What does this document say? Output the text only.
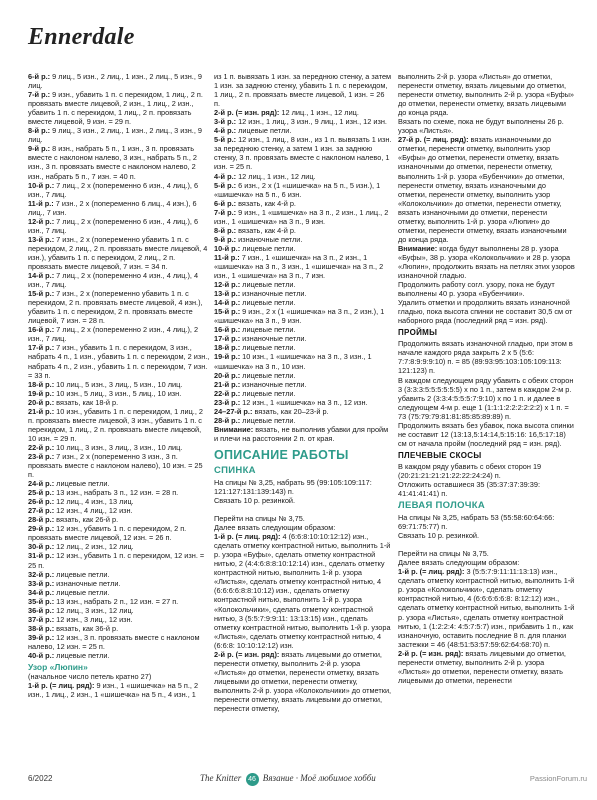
Ennerdale
6-й р.: 9 лиц., 5 изн., 2 лиц., 1 изн., 2 лиц., 5 изн., 9 лиц.
7-й р.: 9 изн., убавить 1 п. с перекидом, 1 лиц., 2 п. провязать вместе лицевой, 2 изн., 1 лиц., 2 изн., убавить 1 п. с перекидом, 1 лиц., 2 п. провязать вместе лицевой, 9 изн. = 29 п.
8-й р.: 9 лиц., 3 изн., 2 лиц., 1 изн., 2 лиц., 3 изн., 9 лиц.
9-й р.: 8 изн., набрать 5 п., 1 изн., 3 п. провязать вместе с наклоном налево, 3 изн., набрать 5 п., 2 изн., 3 п. провязать вместе с наклоном налево, 2 изн., набрать 5 п., 7 изн. = 40 п.
10-й р.: 7 лиц., 2 х (попеременно 6 изн., 4 лиц.), 6 изн., 7 лиц.
11-й р.: 7 изн., 2 х (попеременно 6 лиц., 4 изн.), 6 лиц., 7 изн.
12-й р.: 7 лиц., 2 х (попеременно 6 изн., 4 лиц.), 6 изн., 7 лиц.
13-й р.: 7 изн., 2 х (попеременно убавить 1 п. с перекидом, 2 лиц., 2 п. провязать вместе лицевой, 4 изн.), убавить 1 п. с перекидом, 2 лиц., 2 п. провязать вместе лицевой, 7 изн. = 34 п.
14-й р.: 7 лиц., 2 х (попеременно 4 изн., 4 лиц.), 4 изн., 7 лиц.
15-й р.: 7 изн., 2 х (попеременно убавить 1 п. с перекидом, 2 п. провязать вместе лицевой, 4 изн.), убавить 1 п. с перекидом, 2 п. провязать вместе лицевой, 7 изн. = 28 п.
16-й р.: 7 лиц., 2 х (попеременно 2 изн., 4 лиц.), 2 изн., 7 лиц.
17-й р.: 7 изн., убавить 1 п. с перекидом, 3 изн., набрать 4 п., 1 изн., убавить 1 п. с перекидом, 2 изн., набрать 4 п., 2 изн., убавить 1 п. с перекидом, 7 изн. = 33 п.
18-й р.: 10 лиц., 5 изн., 3 лиц., 5 изн., 10 лиц.
19-й р.: 10 изн., 5 лиц., 3 изн., 5 лиц., 10 изн.
20-й р.: вязать, как 18-й р.
21-й р.: 10 изн., убавить 1 п. с перекидом, 1 лиц., 2 п. провязать вместе лицевой, 3 изн., убавить 1 п. с перекидом, 1 лиц., 2 п. провязать вместе лицевой, 10 изн. = 29 п.
22-й р.: 10 лиц., 3 изн., 3 лиц., 3 изн., 10 лиц.
23-й р.: 7 изн., 2 х (попеременно 3 изн., 3 п. провязать вместе с наклоном налево), 10 изн. = 25 п.
24-й р.: лицевые петли.
25-й р.: 13 изн., набрать 3 п., 12 изн. = 28 п.
26-й р.: 12 лиц., 4 изн., 13 лиц.
27-й р.: 12 изн., 4 лиц., 12 изн.
28-й р.: вязать, как 26-й р.
29-й р.: 12 изн., убавить 1 п. с перекидом, 2 п. провязать вместе лицевой, 12 изн. = 26 п.
30-й р.: 12 лиц., 2 изн., 12 лиц.
31-й р.: 12 изн., убавить 1 п. с перекидом, 12 изн. = 25 п.
32-й р.: лицевые петли.
33-й р.: изнаночные петли.
34-й р.: лицевые петли.
35-й р.: 13 изн., набрать 2 п., 12 изн. = 27 п.
36-й р.: 12 лиц., 3 изн., 12 лиц.
37-й р.: 12 изн., 3 лиц., 12 изн.
38-й р.: вязать, как 36-й р.
39-й р.: 12 изн., 3 п. провязать вместе с наклоном налево, 12 изн. = 25 п.
40-й р.: лицевые петли.
Узор «Люпин»
(начальное число петель кратно 27)
1-й р. (= лиц. ряд): 9 изн., 1 «шишечка» на 5 п., 2 изн., 1 лиц., 2 изн., 1 «шишечка» на 5 п., 4 изн., 1
из 1 п. вывязать 1 изн. за переднюю стенку, а затем 1 изн. за заднюю стенку, убавить 1 п. с перекидом, 1 лиц., 2 п. провязать вместе лицевой, 1 изн. = 26 п.
2-й р. (= изн. ряд): 12 лиц., 1 изн., 12 лиц.
3-й р.: 12 изн., 1 лиц., 3 изн., 9 лиц., 1 изн., 12 изн.
4-й р.: лицевые петли.
5-й р.: 12 изн., 1 лиц., 8 изн., из 1 п. вывязать 1 изн. за переднюю стенку, а затем 1 изн. за заднюю стенку, 3 п. провязать вместе с наклоном налево, 1 изн. = 25 п.
4-й р.: 12 лиц., 1 изн., 12 лиц.
5-й р.: 6 изн., 2 х (1 «шишечка» на 5 п., 5 изн.), 1 «шишечка» на 5 п., 6 изн.
6-й р.: вязать, как 4-й р.
7-й р.: 9 изн., 1 «шишечка» на 3 п., 2 изн., 1 лиц., 2 изн., 1 «шишечка» на 3 п., 9 изн.
8-й р.: вязать, как 4-й р.
9-й р.: изнаночные петли.
10-й р.: лицевые петли.
11-й р.: 7 изн., 1 «шишечка» на 3 п., 2 изн., 1 «шишечка» на 3 п., 3 изн., 1 «шишечка» на 3 п., 2 изн., 1 «шишечка» на 3 п., 7 изн.
12-й р.: лицевые петли.
13-й р.: изнаночные петли.
14-й р.: лицевые петли.
15-й р.: 9 изн., 2 х (1 «шишечка» на 3 п., 2 изн.), 1 «шишечка» на 3 п., 9 изн.
16-й р.: лицевые петли.
17-й р.: изнаночные петли.
18-й р.: лицевые петли.
19-й р.: 10 изн., 1 «шишечка» на 3 п., 3 изн., 1 «шишечка» на 3 п., 10 изн.
20-й р.: лицевые петли.
21-й р.: изнаночные петли.
22-й р.: лицевые петли.
23-й р.: 12 изн., 1 «шишечка» на 3 п., 12 изн.
24–27-й р.: вязать, как 20–23-й р.
28-й р.: лицевые петли.
Внимание: вязать, не выполнив убавки для пройм и плечи на расстоянии 2 п. от края.
ОПИСАНИЕ РАБОТЫ
СПИНКА
На спицы № 3,25, набрать 95 (99:105:109:117: 121:127:131:139:143) п.
Связать 10 р. резинкой.
Перейти на спицы № 3,75.
Далее вязать следующим образом:
1-й р. (= лиц. ряд): 4 (6:6:8:10:10:12:12) изн., сделать отметку контрастной нитью, выполнить 1-й р. узора «Буфы», сделать отметку контрастной нитью, 2 (4:4:6:8:8:10:12:14) изн., сделать отметку контрастной нитью, выполнить 1-й р. узора «Листья», сделать отметку контрастной нитью, 4 (6:6:6:6:8:8:10:12) изн., сделать отметку контрастной нитью, выполнить 1-й р. узора «Колокольчики», сделать отметку контрастной нитью, 3 (5:5:7:9:9:11: 13:13:15) изн., сделать отметку контрастной нитью, выполнить 1-й р. узора «Листья», сделать отметку контрастной нитью, 4 (6:6:8: 10:10:12:12) изн.
2-й р. (= изн. ряд): вязать лицевыми до отметки, перенести отметку, выполнить 2-й р. узора «Листья» до отметки, перенести отметку, вязать лицевыми до отметки, перенести отметку, выполнить 2-й р. узора «Колокольчики» до отметки, перенести отметку, вязать лицевыми до отметки, перенести отметку,
выполнить 2-й р. узора «Листья» до отметки, перенести отметку, вязать лицевыми до отметки, перенести отметку, выполнить 2-й р. узора «Буфы» до отметки, перенести отметку, вязать лицевыми до конца ряда.
Вязать по схеме, пока не будут выполнены 26 р. узора «Листья».
27-й р. (= лиц. ряд): вязать изнаночными до отметки, перенести отметку, выполнить узор «Буфы» до отметки, перенести отметку, вязать изнаночными до отметки, перенести отметку, выполнить 1-й р. узора «Бубенчики» до отметки, перенести отметку, вязать изнаночными до отметки, перенести отметку, выполнить узор «Колокольчики» до отметки, перенести отметку, вязать изнаночными до отметки, перенести отметку, выполнить 1-й р. узора «Люпин» до отметки, перенести отметку, вязать изнаночными до конца ряда.
Внимание: когда будут выполнены 28 р. узора «Буфы», 38 р. узора «Колокольчики» и 28 р. узора «Люпин», продолжить вязать на петлях этих узоров изнаночной гладью.
Продолжить работу согл. узору, пока не будут выполнены 40 р. узора «Бубенчики».
Удалить отметки и продолжить вязать изнаночной гладью, пока высота спинки не составит 30,5 см от наборного ряда (последний ряд = изн. ряд).
ПРОЙМЫ
Продолжить вязать изнаночной гладью, при этом в начале каждого ряда закрыть 2 х 5 (5:6: 7:7:8:9:9:9:10) п. = 85 (89:93:95:103:105:109:113: 121:123) п.
В каждом следующем ряду убавить с обеих сторон 3 (3:3:3:5:5:5:5:5:5) х по 1 п., затем в каждом 2-м р. убавить 2 (3:3:4:5:5:5:7:9:10) х по 1 п. и далее в следующем 4-м р. еще 1 (1:1:1:2:2:2:2:2:2) х 1 п. = 73 (75:79:79:81:81:85:85:89:89) п.
Продолжить вязать без убавок, пока высота спинки не составит 12 (13:13,5:14:14,5:15:16: 16,5:17:18) см от начала пройм (последний ряд = изн. ряд).
ПЛЕЧЕВЫЕ СКОСЫ
В каждом ряду убавить с обеих сторон 19 (20:21:21:21:21:22:22:24:24) п.
Отложить оставшиеся 35 (35:37:37:39:39: 41:41:41:41) п.
ЛЕВАЯ ПОЛОЧКА
На спицы № 3,25, набрать 53 (55:58:60:64:66: 69:71:75:77) п.
Связать 10 р. резинкой.
Перейти на спицы № 3,75.
Далее вязать следующим образом:
1-й р. (= лиц. ряд): 3 (5:5:7:9:11:11:13:13) изн., сделать отметку контрастной нитью, выполнить 1-й р. узора «Колокольчики», сделать отметку контрастной нитью, 4 (6:6:6:6:6:8: 8:12:12) изн., сделать отметку контрастной нитью, выполнить 1-й р. узора «Листья», сделать отметку контрастной нитью, 1 (1:2:2:4: 4:5:7:5:7) изн., прибавить 1 п., как изнаночную, оставить последние 8 п. для планки застежки = 46 (48:51:53:57:59:62:64:68:70) п.
2-й р. (= изн. ряд): вязать лицевыми до отметки, перенести отметку, выполнить 2-й р. узора «Листья» до отметки, перенести отметку, вязать лицевыми до отметки, перенести
6/2022	The Knitter 46 Вязание · Моё любимое хобби	PassionForum.ru
